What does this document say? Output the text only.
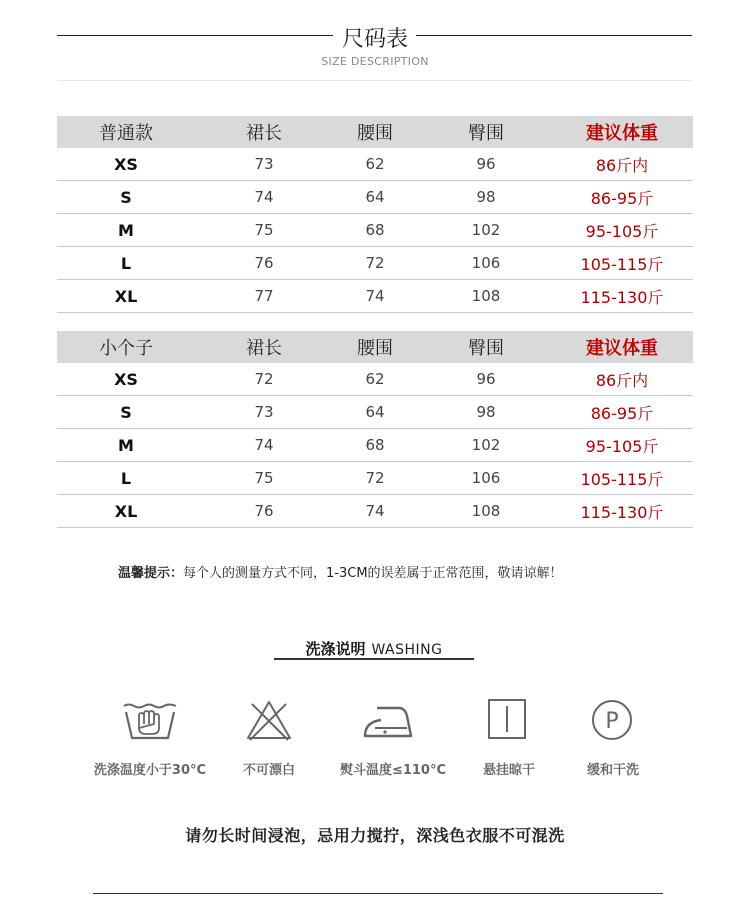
尺码表
SIZE DESCRIPTION
普通款	裙长	腰围	臀围	建议体重
XS	73	62	96	86斤内
S	74	64	98	86-95斤
M	75	68	102	95-105斤
L	76	72	106	105-115斤
XL	77	74	108	115-130斤
小个子	裙长	腰围	臀围	建议体重
XS	72	62	96	86斤内
S	73	64	98	86-95斤
M	74	68	102	95-105斤
L	75	72	106	105-115斤
XL	76	74	108	115-130斤
温馨提示：每个人的测量方式不同，1-3CM的误差属于正常范围，敬请谅解！
洗涤说明 WASHING
洗涤温度小于30°C	不可漂白	熨斗温度≤110°C	悬挂晾干
P
缓和干洗
请勿长时间浸泡，忌用力搅拧，深浅色衣服不可混洗
